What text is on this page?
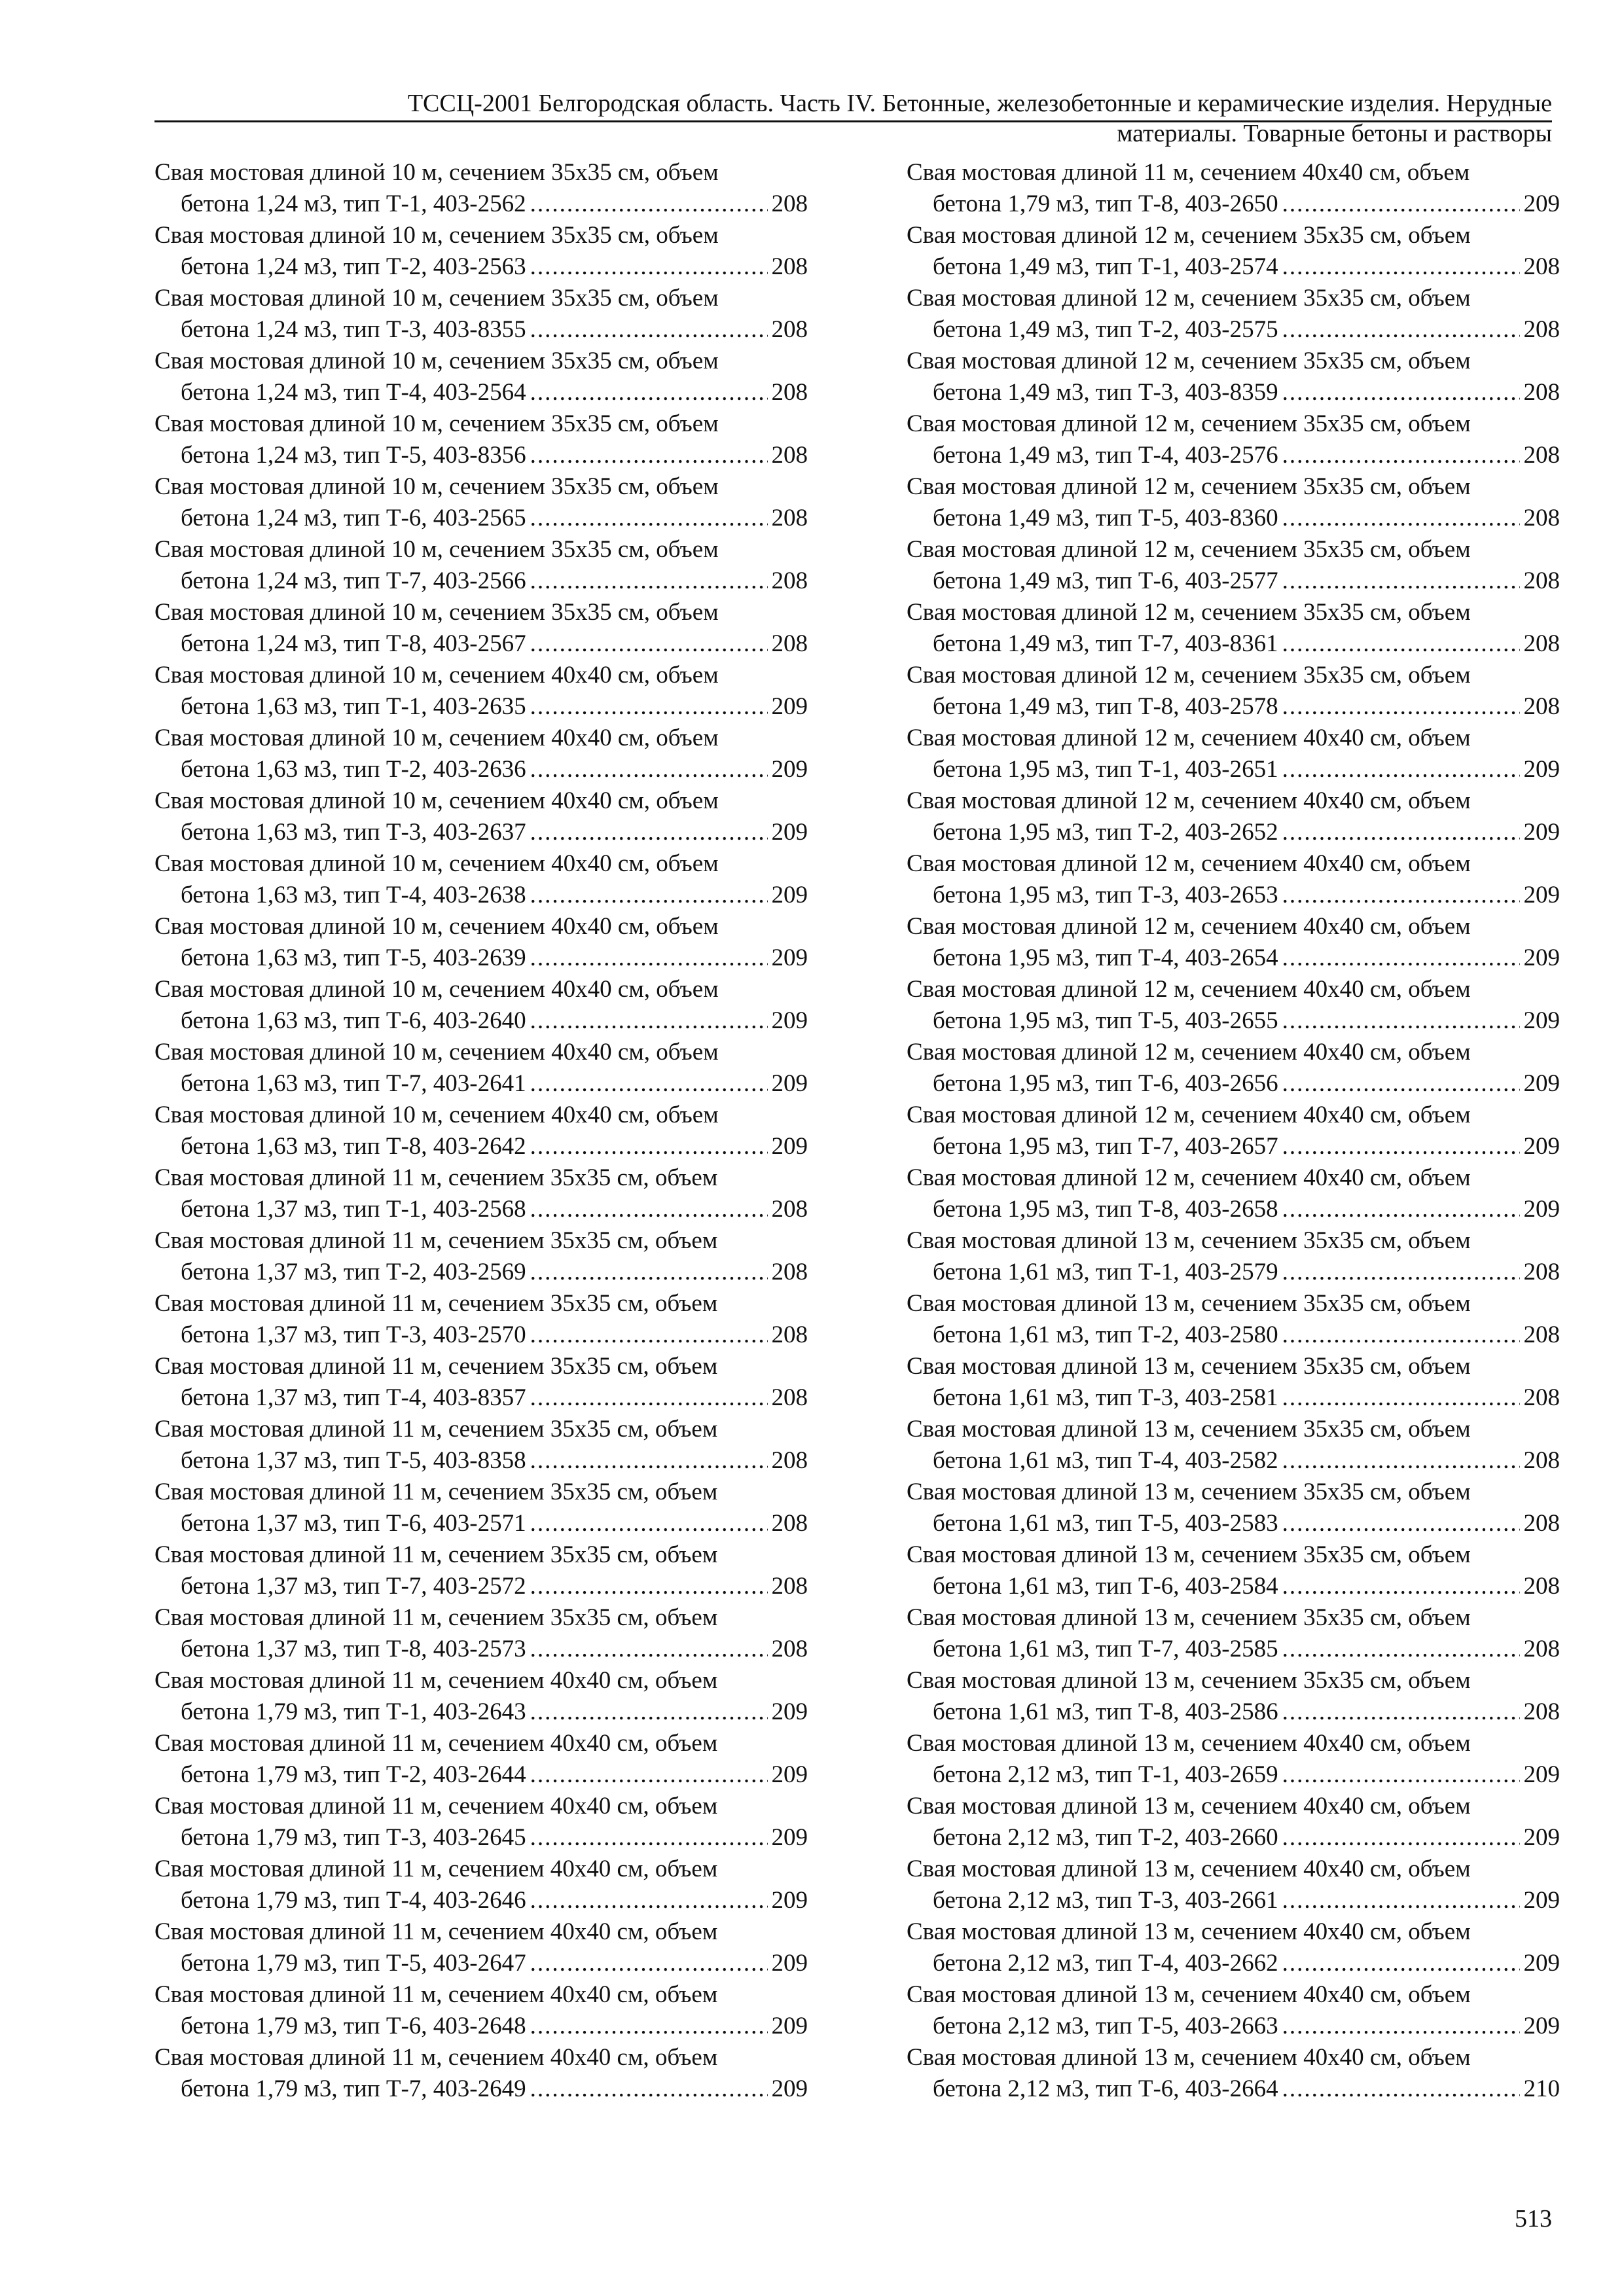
ТССЦ-2001 Белгородская область. Часть IV. Бетонные, железобетонные и керамические изделия. Нерудные
материалы. Товарные бетоны и растворы
Свая мостовая длиной 10 м, сечением 35х35 см, объем
бетона 1,24 м3, тип Т-1, 403-2562 .....	208
Свая мостовая длиной 10 м, сечением 35х35 см, объем
бетона 1,24 м3, тип Т-2, 403-2563 .....	208
Свая мостовая длиной 10 м, сечением 35х35 см, объем
бетона 1,24 м3, тип Т-3, 403-8355 .....	208
Свая мостовая длиной 10 м, сечением 35х35 см, объем
бетона 1,24 м3, тип Т-4, 403-2564 .....	208
Свая мостовая длиной 10 м, сечением 35х35 см, объем
бетона 1,24 м3, тип Т-5, 403-8356 .....	208
Свая мостовая длиной 10 м, сечением 35х35 см, объем
бетона 1,24 м3, тип Т-6, 403-2565 .....	208
Свая мостовая длиной 10 м, сечением 35х35 см, объем
бетона 1,24 м3, тип Т-7, 403-2566 .....	208
Свая мостовая длиной 10 м, сечением 35х35 см, объем
бетона 1,24 м3, тип Т-8, 403-2567 .....	208
Свая мостовая длиной 10 м, сечением 40х40 см, объем
бетона 1,63 м3, тип Т-1, 403-2635 .....	209
Свая мостовая длиной 10 м, сечением 40х40 см, объем
бетона 1,63 м3, тип Т-2, 403-2636 .....	209
Свая мостовая длиной 10 м, сечением 40х40 см, объем
бетона 1,63 м3, тип Т-3, 403-2637 .....	209
Свая мостовая длиной 10 м, сечением 40х40 см, объем
бетона 1,63 м3, тип Т-4, 403-2638 .....	209
Свая мостовая длиной 10 м, сечением 40х40 см, объем
бетона 1,63 м3, тип Т-5, 403-2639 .....	209
Свая мостовая длиной 10 м, сечением 40х40 см, объем
бетона 1,63 м3, тип Т-6, 403-2640 .....	209
Свая мостовая длиной 10 м, сечением 40х40 см, объем
бетона 1,63 м3, тип Т-7, 403-2641 .....	209
Свая мостовая длиной 10 м, сечением 40х40 см, объем
бетона 1,63 м3, тип Т-8, 403-2642 .....	209
Свая мостовая длиной 11 м, сечением 35х35 см, объем
бетона 1,37 м3, тип Т-1, 403-2568 .....	208
Свая мостовая длиной 11 м, сечением 35х35 см, объем
бетона 1,37 м3, тип Т-2, 403-2569 .....	208
Свая мостовая длиной 11 м, сечением 35х35 см, объем
бетона 1,37 м3, тип Т-3, 403-2570 .....	208
Свая мостовая длиной 11 м, сечением 35х35 см, объем
бетона 1,37 м3, тип Т-4, 403-8357 .....	208
Свая мостовая длиной 11 м, сечением 35х35 см, объем
бетона 1,37 м3, тип Т-5, 403-8358 .....	208
Свая мостовая длиной 11 м, сечением 35х35 см, объем
бетона 1,37 м3, тип Т-6, 403-2571 .....	208
Свая мостовая длиной 11 м, сечением 35х35 см, объем
бетона 1,37 м3, тип Т-7, 403-2572 .....	208
Свая мостовая длиной 11 м, сечением 35х35 см, объем
бетона 1,37 м3, тип Т-8, 403-2573 .....	208
Свая мостовая длиной 11 м, сечением 40х40 см, объем
бетона 1,79 м3, тип Т-1, 403-2643 .....	209
Свая мостовая длиной 11 м, сечением 40х40 см, объем
бетона 1,79 м3, тип Т-2, 403-2644 .....	209
Свая мостовая длиной 11 м, сечением 40х40 см, объем
бетона 1,79 м3, тип Т-3, 403-2645 .....	209
Свая мостовая длиной 11 м, сечением 40х40 см, объем
бетона 1,79 м3, тип Т-4, 403-2646 .....	209
Свая мостовая длиной 11 м, сечением 40х40 см, объем
бетона 1,79 м3, тип Т-5, 403-2647 .....	209
Свая мостовая длиной 11 м, сечением 40х40 см, объем
бетона 1,79 м3, тип Т-6, 403-2648 .....	209
Свая мостовая длиной 11 м, сечением 40х40 см, объем
бетона 1,79 м3, тип Т-7, 403-2649 .....	209
Свая мостовая длиной 11 м, сечением 40х40 см, объем
бетона 1,79 м3, тип Т-8, 403-2650 .....	209
Свая мостовая длиной 12 м, сечением 35х35 см, объем
бетона 1,49 м3, тип Т-1, 403-2574 .....	208
Свая мостовая длиной 12 м, сечением 35х35 см, объем
бетона 1,49 м3, тип Т-2, 403-2575 .....	208
Свая мостовая длиной 12 м, сечением 35х35 см, объем
бетона 1,49 м3, тип Т-3, 403-8359 .....	208
Свая мостовая длиной 12 м, сечением 35х35 см, объем
бетона 1,49 м3, тип Т-4, 403-2576 .....	208
Свая мостовая длиной 12 м, сечением 35х35 см, объем
бетона 1,49 м3, тип Т-5, 403-8360 .....	208
Свая мостовая длиной 12 м, сечением 35х35 см, объем
бетона 1,49 м3, тип Т-6, 403-2577 .....	208
Свая мостовая длиной 12 м, сечением 35х35 см, объем
бетона 1,49 м3, тип Т-7, 403-8361 .....	208
Свая мостовая длиной 12 м, сечением 35х35 см, объем
бетона 1,49 м3, тип Т-8, 403-2578 .....	208
Свая мостовая длиной 12 м, сечением 40х40 см, объем
бетона 1,95 м3, тип Т-1, 403-2651 .....	209
Свая мостовая длиной 12 м, сечением 40х40 см, объем
бетона 1,95 м3, тип Т-2, 403-2652 .....	209
Свая мостовая длиной 12 м, сечением 40х40 см, объем
бетона 1,95 м3, тип Т-3, 403-2653 .....	209
Свая мостовая длиной 12 м, сечением 40х40 см, объем
бетона 1,95 м3, тип Т-4, 403-2654 .....	209
Свая мостовая длиной 12 м, сечением 40х40 см, объем
бетона 1,95 м3, тип Т-5, 403-2655 .....	209
Свая мостовая длиной 12 м, сечением 40х40 см, объем
бетона 1,95 м3, тип Т-6, 403-2656 .....	209
Свая мостовая длиной 12 м, сечением 40х40 см, объем
бетона 1,95 м3, тип Т-7, 403-2657 .....	209
Свая мостовая длиной 12 м, сечением 40х40 см, объем
бетона 1,95 м3, тип Т-8, 403-2658 .....	209
Свая мостовая длиной 13 м, сечением 35х35 см, объем
бетона 1,61 м3, тип Т-1, 403-2579 .....	208
Свая мостовая длиной 13 м, сечением 35х35 см, объем
бетона 1,61 м3, тип Т-2, 403-2580 .....	208
Свая мостовая длиной 13 м, сечением 35х35 см, объем
бетона 1,61 м3, тип Т-3, 403-2581 .....	208
Свая мостовая длиной 13 м, сечением 35х35 см, объем
бетона 1,61 м3, тип Т-4, 403-2582 .....	208
Свая мостовая длиной 13 м, сечением 35х35 см, объем
бетона 1,61 м3, тип Т-5, 403-2583 .....	208
Свая мостовая длиной 13 м, сечением 35х35 см, объем
бетона 1,61 м3, тип Т-6, 403-2584 .....	208
Свая мостовая длиной 13 м, сечением 35х35 см, объем
бетона 1,61 м3, тип Т-7, 403-2585 .....	208
Свая мостовая длиной 13 м, сечением 35х35 см, объем
бетона 1,61 м3, тип Т-8, 403-2586 .....	208
Свая мостовая длиной 13 м, сечением 40х40 см, объем
бетона 2,12 м3, тип Т-1, 403-2659 .....	209
Свая мостовая длиной 13 м, сечением 40х40 см, объем
бетона 2,12 м3, тип Т-2, 403-2660 .....	209
Свая мостовая длиной 13 м, сечением 40х40 см, объем
бетона 2,12 м3, тип Т-3, 403-2661 .....	209
Свая мостовая длиной 13 м, сечением 40х40 см, объем
бетона 2,12 м3, тип Т-4, 403-2662 .....	209
Свая мостовая длиной 13 м, сечением 40х40 см, объем
бетона 2,12 м3, тип Т-5, 403-2663 .....	209
Свая мостовая длиной 13 м, сечением 40х40 см, объем
бетона 2,12 м3, тип Т-6, 403-2664 .....	210
513
